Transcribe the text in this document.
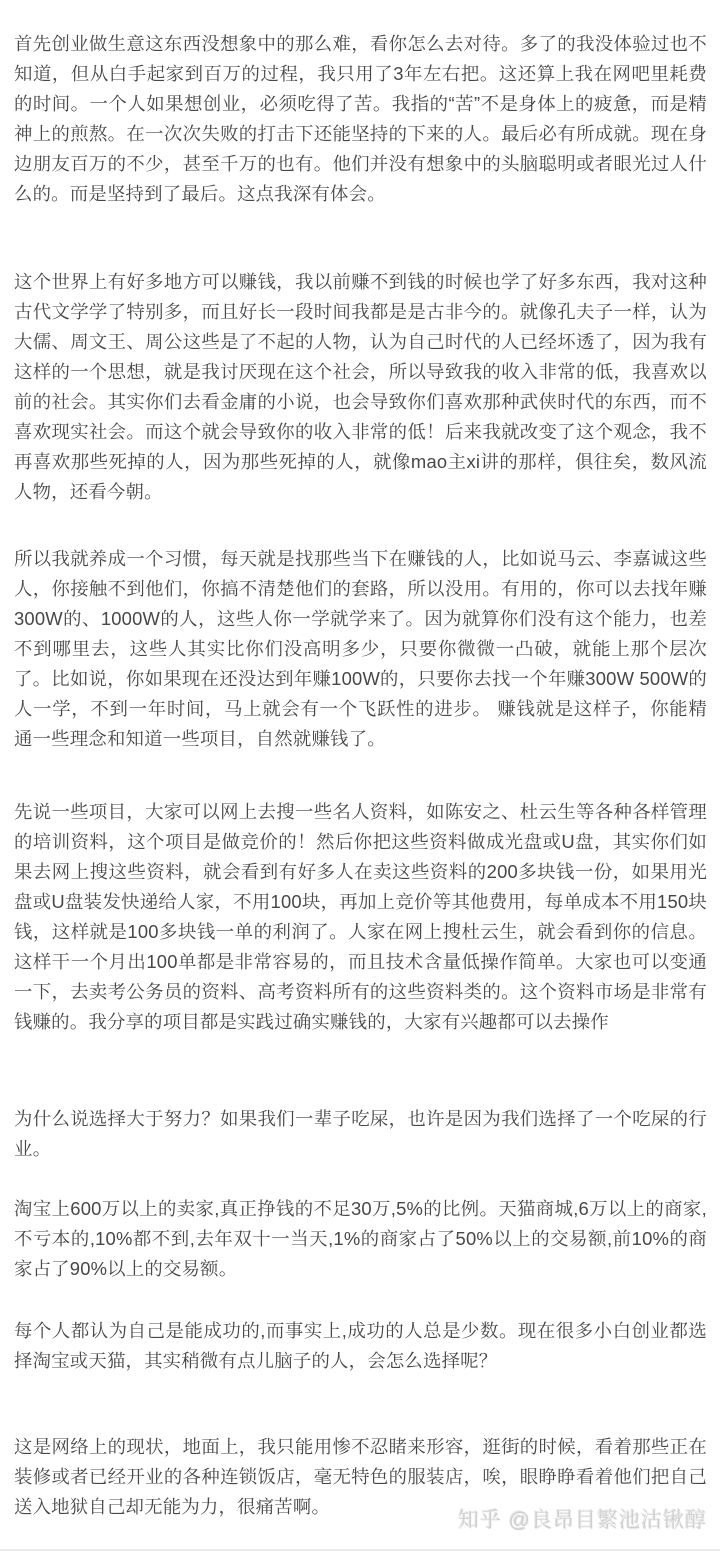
首先创业做生意这东西没想象中的那么难，看你怎么去对待。多了的我没体验过也不知道，但从白手起家到百万的过程，我只用了3年左右把。这还算上我在网吧里耗费的时间。一个人如果想创业，必须吃得了苦。我指的“苦”不是身体上的疲惫，而是精神上的煎熬。在一次次失败的打击下还能坚持的下来的人。最后必有所成就。现在身边朋友百万的不少，甚至千万的也有。他们并没有想象中的头脑聪明或者眼光过人什么的。而是坚持到了最后。这点我深有体会。

这个世界上有好多地方可以赚钱，我以前赚不到钱的时候也学了好多东西，我对这种古代文学学了特别多，而且好长一段时间我都是是古非今的。就像孔夫子一样，认为大儒、周文王、周公这些是了不起的人物，认为自己时代的人已经坏透了，因为我有这样的一个思想，就是我讨厌现在这个社会，所以导致我的收入非常的低，我喜欢以前的社会。其实你们去看金庸的小说，也会导致你们喜欢那种武侠时代的东西，而不喜欢现实社会。而这个就会导致你的收入非常的低！后来我就改变了这个观念，我不再喜欢那些死掉的人，因为那些死掉的人，就像mao主xi讲的那样，俱往矣，数风流人物，还看今朝。

所以我就养成一个习惯，每天就是找那些当下在赚钱的人，比如说马云、李嘉诚这些人，你接触不到他们，你搞不清楚他们的套路，所以没用。有用的，你可以去找年赚300W的、1000W的人，这些人你一学就学来了。因为就算你们没有这个能力，也差不到哪里去，这些人其实比你们没高明多少，只要你微微一凸破，就能上那个层次了。比如说，你如果现在还没达到年赚100W的，只要你去找一个年赚300W 500W的人一学，不到一年时间，马上就会有一个飞跃性的进步。 赚钱就是这样子，你能精通一些理念和知道一些项目，自然就赚钱了。

先说一些项目，大家可以网上去搜一些名人资料，如陈安之、杜云生等各种各样管理的培训资料，这个项目是做竞价的！然后你把这些资料做成光盘或U盘，其实你们如果去网上搜这些资料，就会看到有好多人在卖这些资料的200多块钱一份，如果用光盘或U盘装发快递给人家，不用100块，再加上竞价等其他费用，每单成本不用150块钱，这样就是100多块钱一单的利润了。人家在网上搜杜云生，就会看到你的信息。这样干一个月出100单都是非常容易的，而且技术含量低操作简单。大家也可以变通一下，去卖考公务员的资料、高考资料所有的这些资料类的。这个资料市场是非常有钱赚的。我分享的项目都是实践过确实赚钱的，大家有兴趣都可以去操作

为什么说选择大于努力？如果我们一辈子吃屎，也许是因为我们选择了一个吃屎的行业。

淘宝上600万以上的卖家,真正挣钱的不足30万,5%的比例。天猫商城,6万以上的商家,不亏本的,10%都不到,去年双十一当天,1%的商家占了50%以上的交易额,前10%的商家占了90%以上的交易额。

每个人都认为自己是能成功的,而事实上,成功的人总是少数。现在很多小白创业都选择淘宝或天猫，其实稍微有点儿脑子的人，会怎么选择呢？

这是网络上的现状，地面上，我只能用惨不忍睹来形容，逛街的时候，看着那些正在装修或者已经开业的各种连锁饭店，毫无特色的服装店，唉，眼睁睁看着他们把自己送入地狱自己却无能为力，很痛苦啊。

知乎 @良昂目繁池沽锹醇
